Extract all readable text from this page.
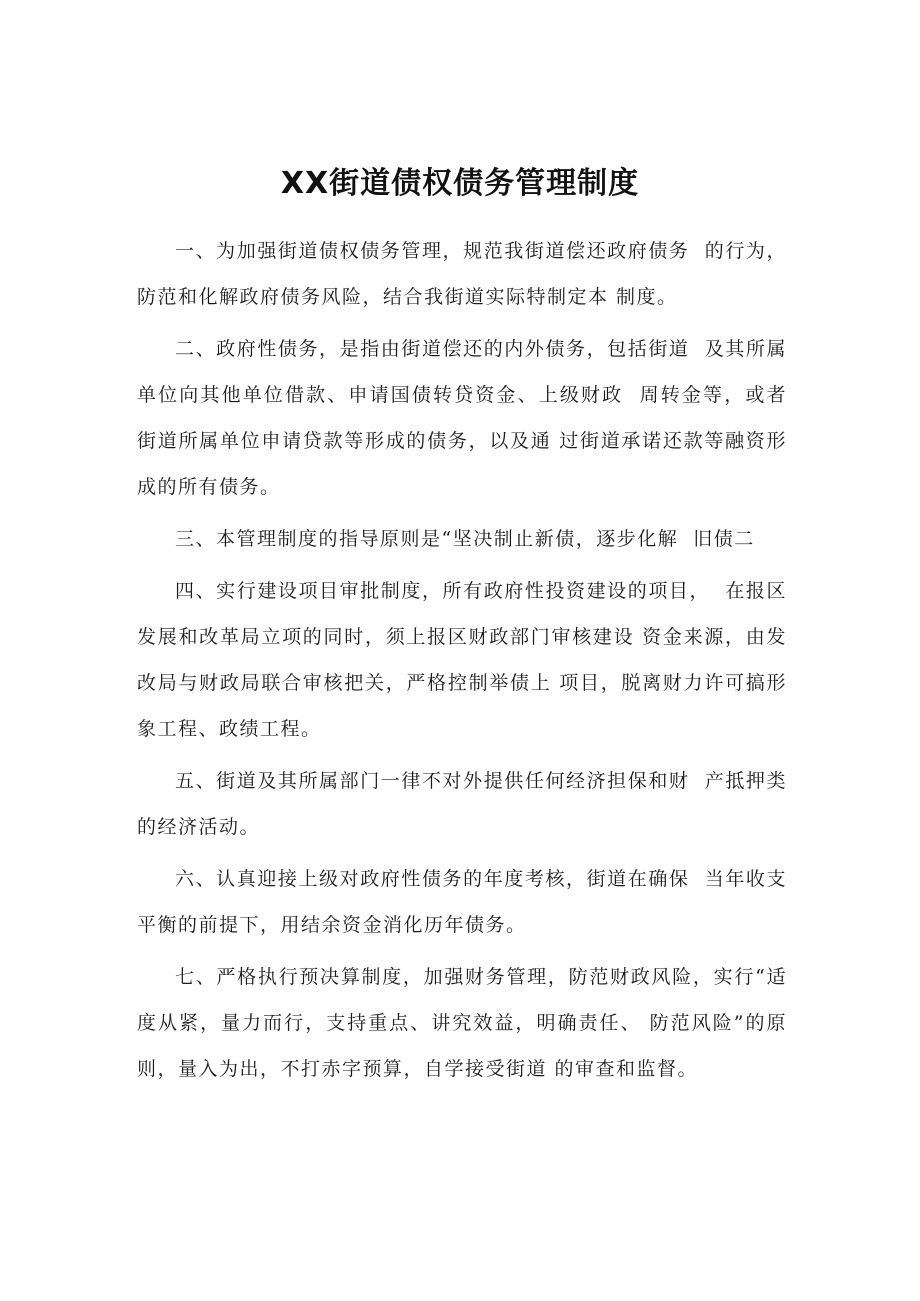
XX街道债权债务管理制度

一、为加强街道债权债务管理，规范我街道偿还政府债务  的行为，防范和化解政府债务风险，结合我街道实际特制定本 制度。

二、政府性债务，是指由街道偿还的内外债务，包括街道  及其所属单位向其他单位借款、申请国债转贷资金、上级财政  周转金等，或者街道所属单位申请贷款等形成的债务，以及通 过街道承诺还款等融资形成的所有债务。

三、本管理制度的指导原则是“坚决制止新债，逐步化解  旧债二

四、实行建设项目审批制度，所有政府性投资建设的项目，  在报区发展和改革局立项的同时，须上报区财政部门审核建设 资金来源，由发改局与财政局联合审核把关，严格控制举债上 项目，脱离财力许可搞形象工程、政绩工程。

五、街道及其所属部门一律不对外提供任何经济担保和财  产抵押类的经济活动。

六、认真迎接上级对政府性债务的年度考核，街道在确保  当年收支平衡的前提下，用结余资金消化历年债务。

七、严格执行预决算制度，加强财务管理，防范财政风险，实行“适度从紧，量力而行，支持重点、讲究效益，明确责任、 防范风险”的原则，量入为出，不打赤字预算，自学接受街道 的审查和监督。
